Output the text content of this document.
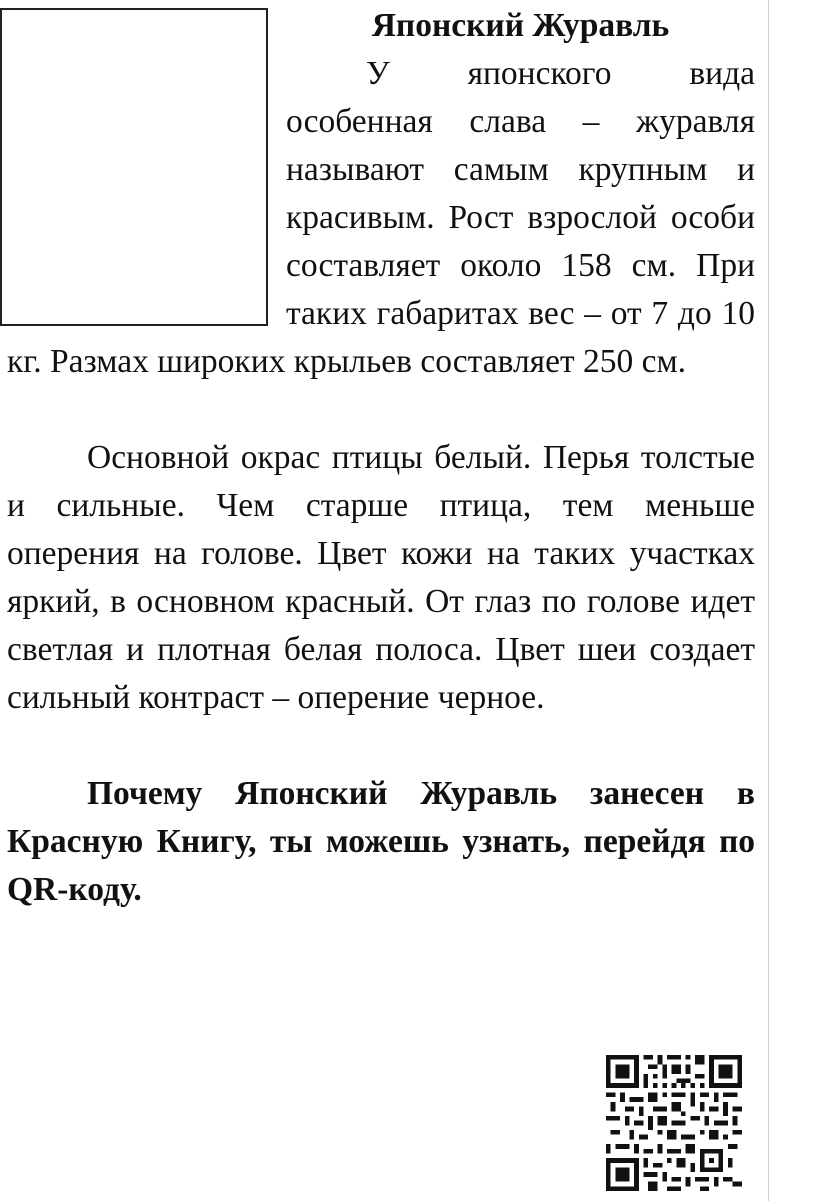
Японский Журавль

У японского вида особенная слава – журавля называют самым крупным и красивым. Рост взрослой особи составляет около 158 см. При таких габаритах вес – от 7 до 10 кг. Размах широких крыльев составляет 250 см.

Основной окрас птицы белый. Перья толстые и сильные. Чем старше птица, тем меньше оперения на голове. Цвет кожи на таких участках яркий, в основном красный. От глаз по голове идет светлая и плотная белая полоса. Цвет шеи создает сильный контраст – оперение черное.

Почему Японский Журавль занесен в Красную Книгу, ты можешь узнать, перейдя по QR-коду.
